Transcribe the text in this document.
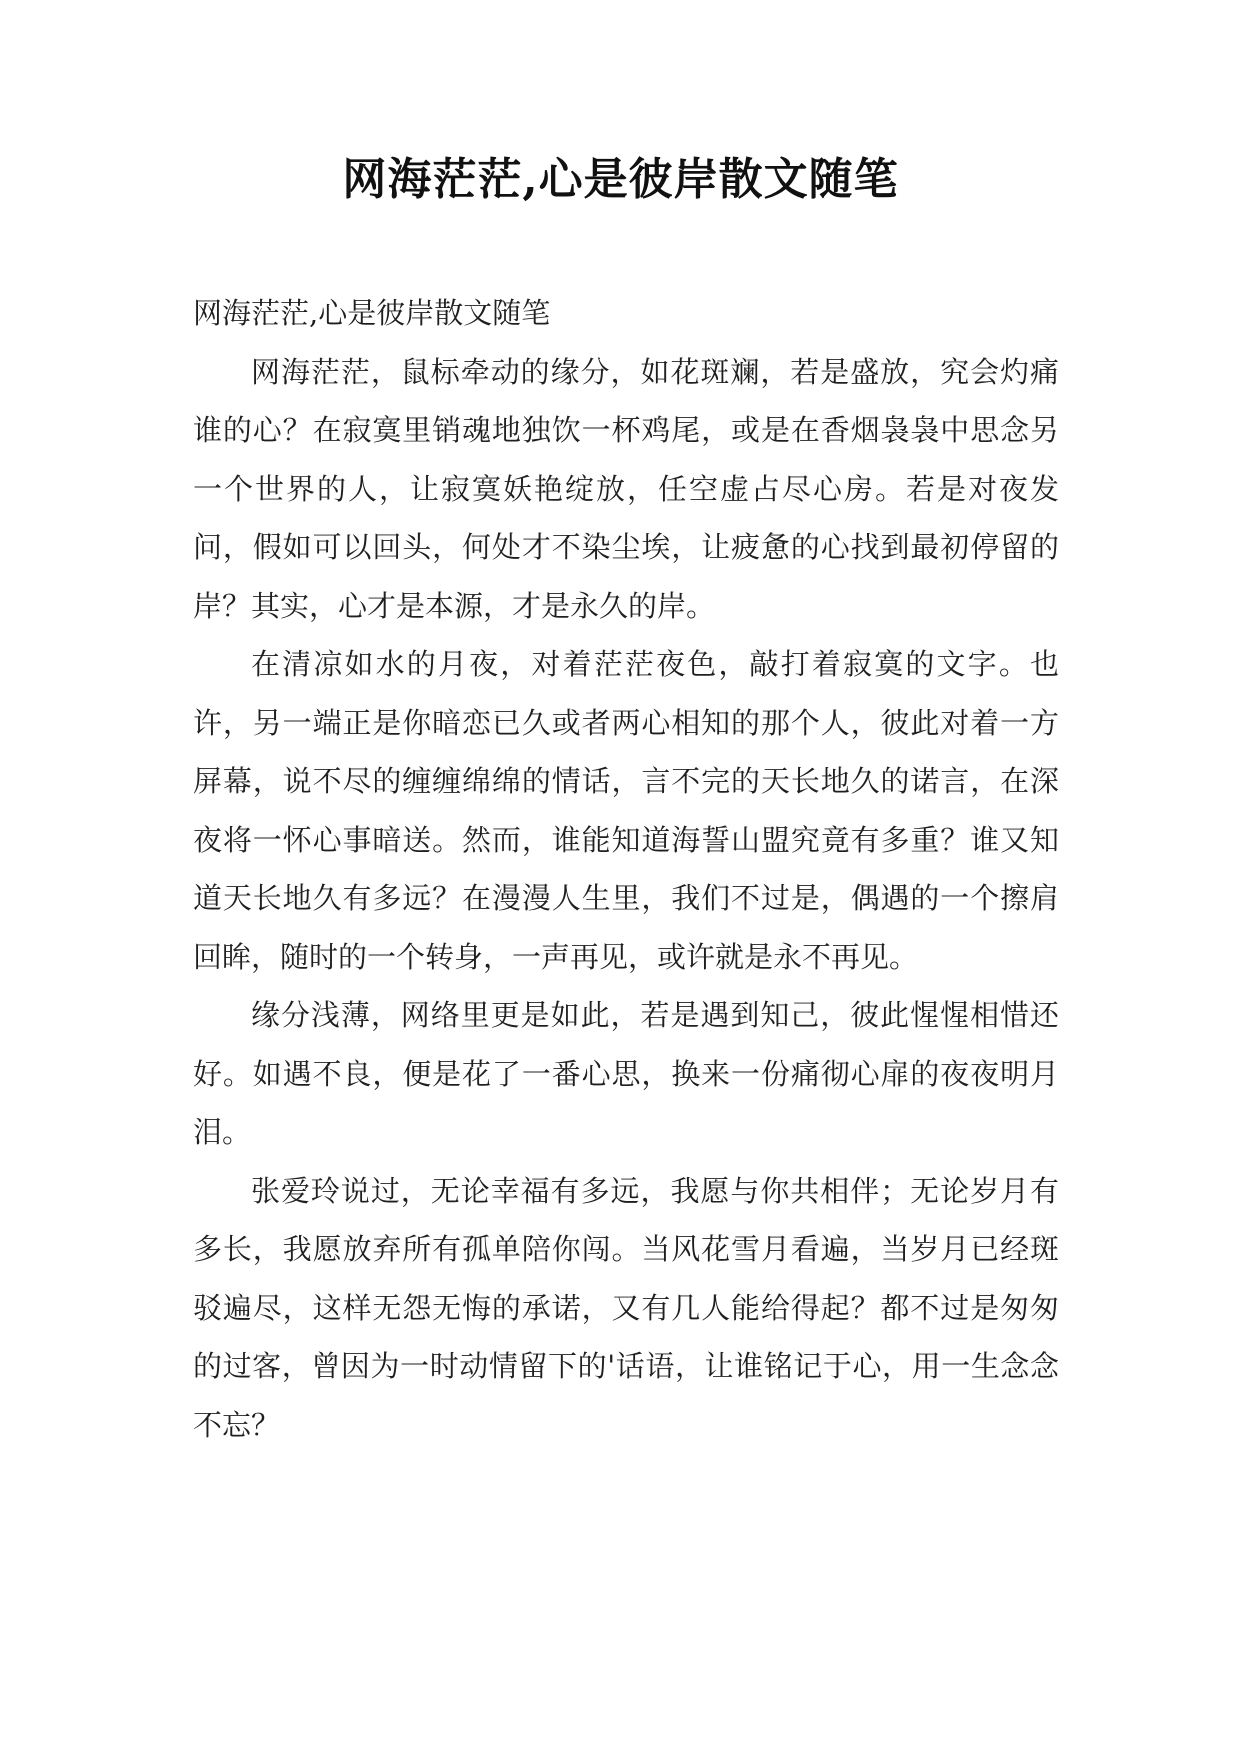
网海茫茫,心是彼岸散文随笔

网海茫茫,心是彼岸散文随笔

网海茫茫，鼠标牵动的缘分，如花斑斓，若是盛放，究会灼痛谁的心？在寂寞里销魂地独饮一杯鸡尾，或是在香烟袅袅中思念另一个世界的人，让寂寞妖艳绽放，任空虚占尽心房。若是对夜发问，假如可以回头，何处才不染尘埃，让疲惫的心找到最初停留的岸？其实，心才是本源，才是永久的岸。

在清凉如水的月夜，对着茫茫夜色，敲打着寂寞的文字。也许，另一端正是你暗恋已久或者两心相知的那个人，彼此对着一方屏幕，说不尽的缠缠绵绵的情话，言不完的天长地久的诺言，在深夜将一怀心事暗送。然而，谁能知道海誓山盟究竟有多重？谁又知道天长地久有多远？在漫漫人生里，我们不过是，偶遇的一个擦肩回眸，随时的一个转身，一声再见，或许就是永不再见。

缘分浅薄，网络里更是如此，若是遇到知己，彼此惺惺相惜还好。如遇不良，便是花了一番心思，换来一份痛彻心扉的夜夜明月泪。

张爱玲说过，无论幸福有多远，我愿与你共相伴；无论岁月有多长，我愿放弃所有孤单陪你闯。当风花雪月看遍，当岁月已经斑驳遍尽，这样无怨无悔的承诺，又有几人能给得起？都不过是匆匆的过客，曾因为一时动情留下的'话语，让谁铭记于心，用一生念念不忘？
